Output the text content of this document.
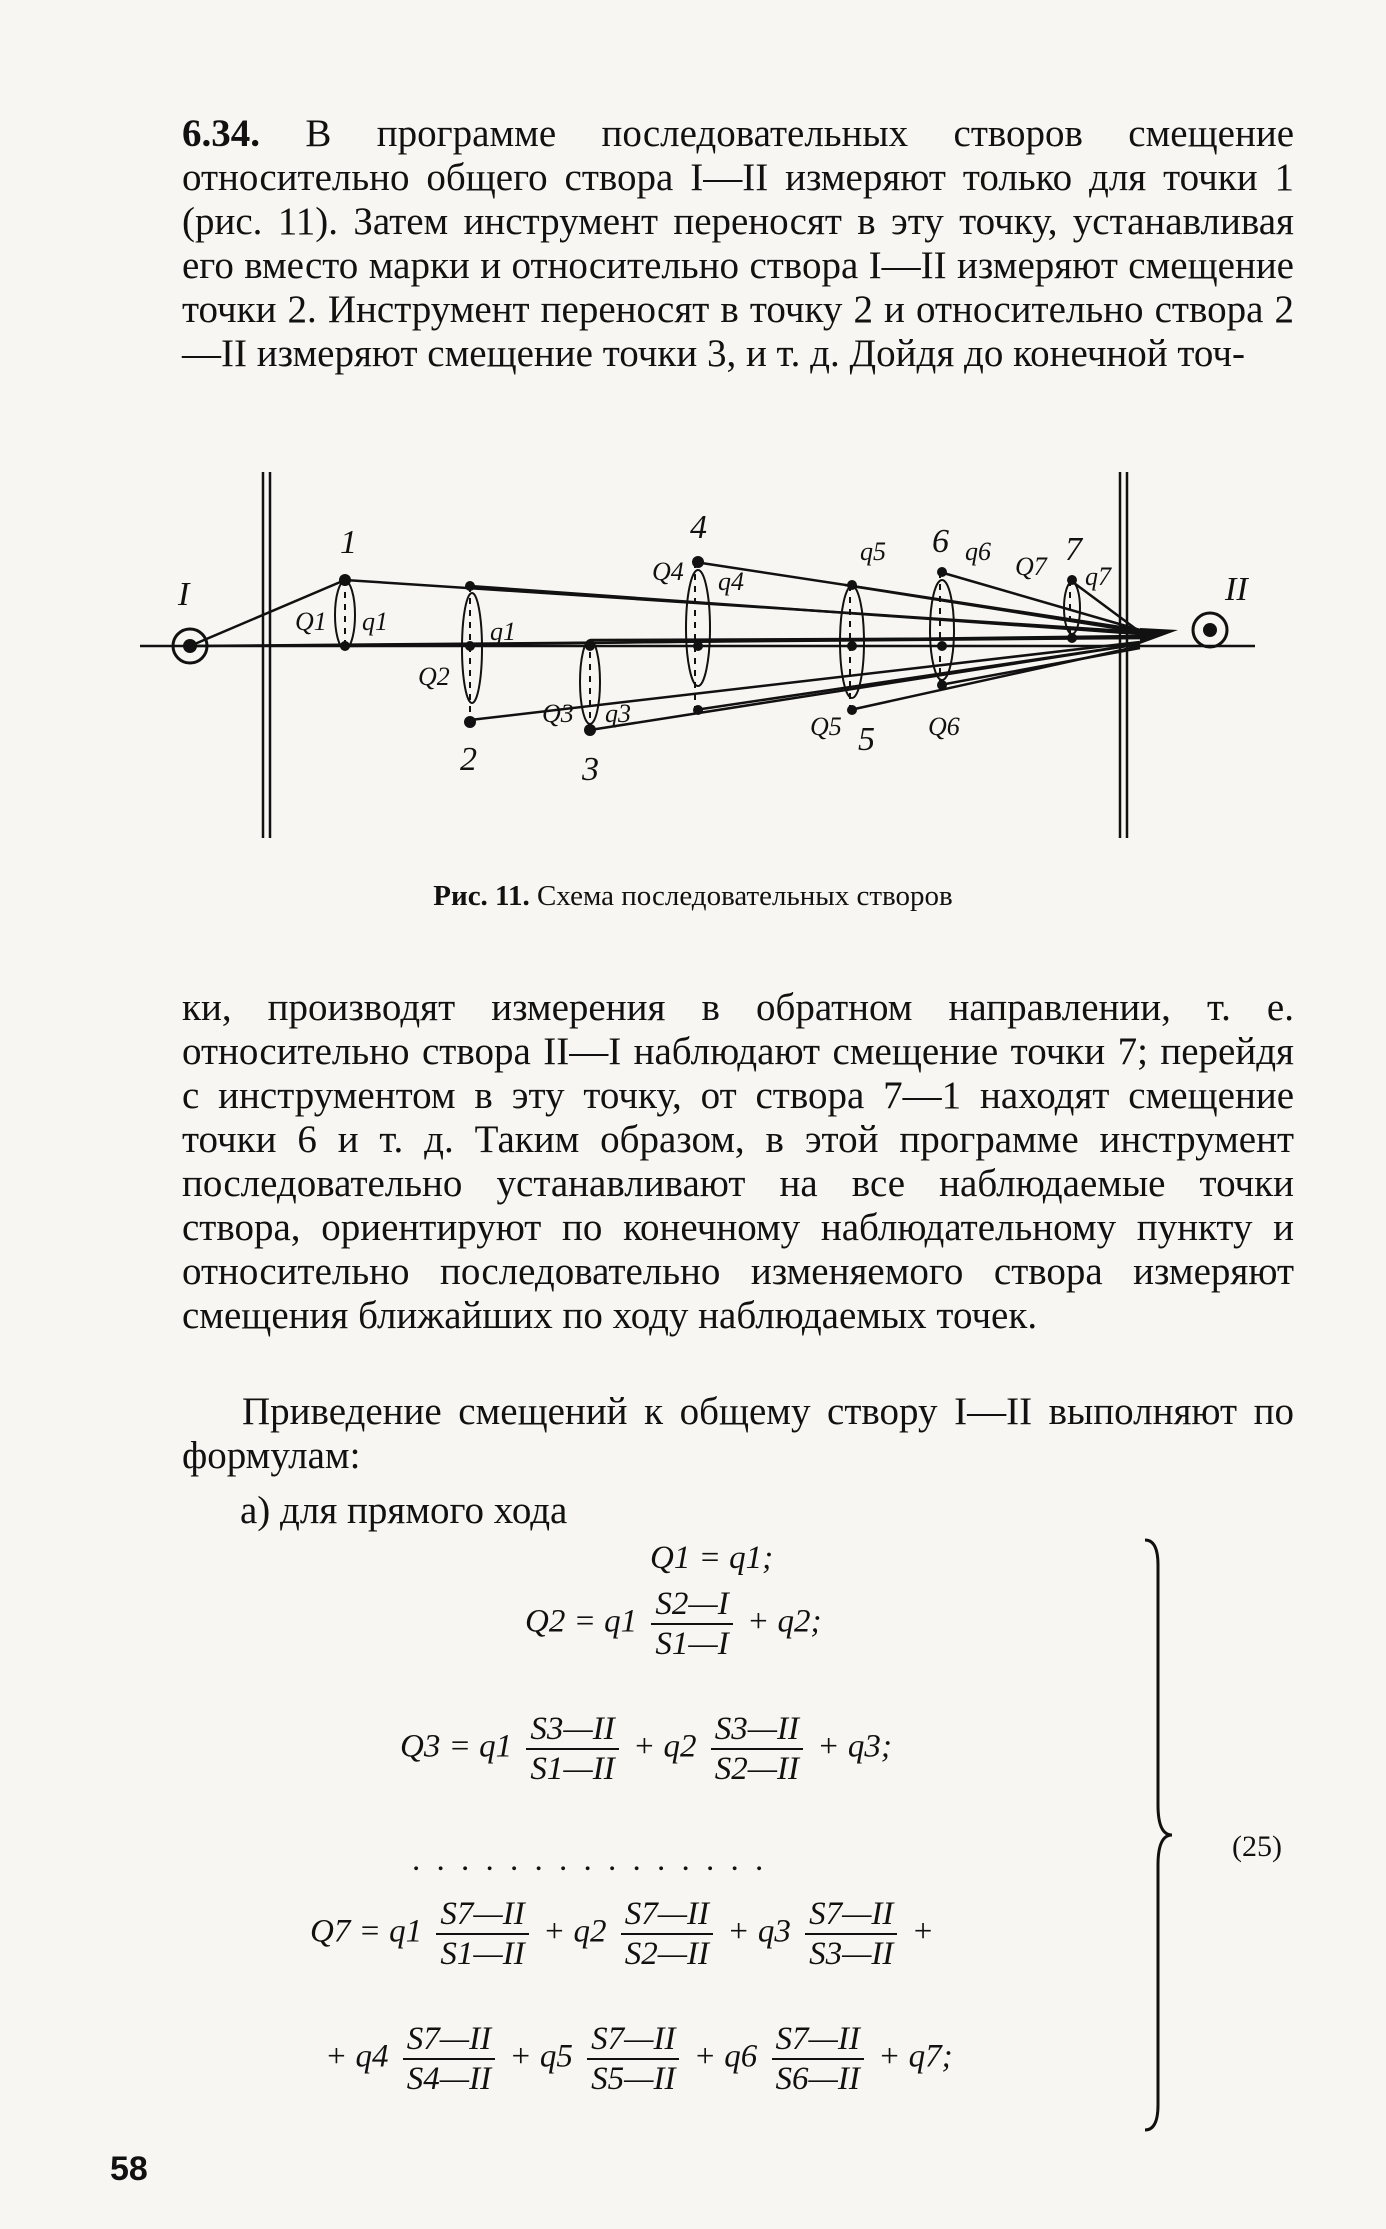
6.34. В программе последовательных створов смещение относительно общего створа I—II измеряют только для точки 1 (рис. 11). Затем инструмент переносят в эту точку, устанавливая его вместо марки и относительно створа I—II измеряют смещение точки 2. Инструмент переносят в точку 2 и относительно створа 2—II измеряют смещение точки 3, и т. д. Дойдя до конечной точ-

I	II
1
2	3
4
5
6	7
Q1 q1	q1
Q2
Q3 q3
Q4 q4
q5
Q5
q6
Q6
Q7 q7
Рис. 11. Схема последовательных створов

ки, производят измерения в обратном направлении, т. е. относительно створа II—I наблюдают смещение точки 7; перейдя с инструментом в эту точку, от створа 7—1 находят смещение точки 6 и т. д. Таким образом, в этой программе инструмент последовательно устанавливают на все наблюдаемые точки створа, ориентируют по конечному наблюдательному пункту и относительно последовательно изменяемого створа измеряют смещения ближайших по ходу наблюдаемых точек.

Приведение смещений к общему створу I—II выполняют по формулам:

а) для прямого хода
Q1 = q1;
$Q2 = q1 \frac{S2—I}{S1—I} + q2$;
$Q3 = q1 \frac{S3—II}{S1—II} + q2 \frac{S3—II}{S2—II} + q3$;
. . . . . . . . . . . . . . .
$Q7 = q1 \frac{S7—II}{S1—II} + q2 \frac{S7—II}{S2—II} + q3 \frac{S7—II}{S3—II}$ +
+ $q4 \frac{S7—II}{S4—II} + q5 \frac{S7—II}{S5—II} + q6 \frac{S7—II}{S6—II} + q7$;
(25)
58
